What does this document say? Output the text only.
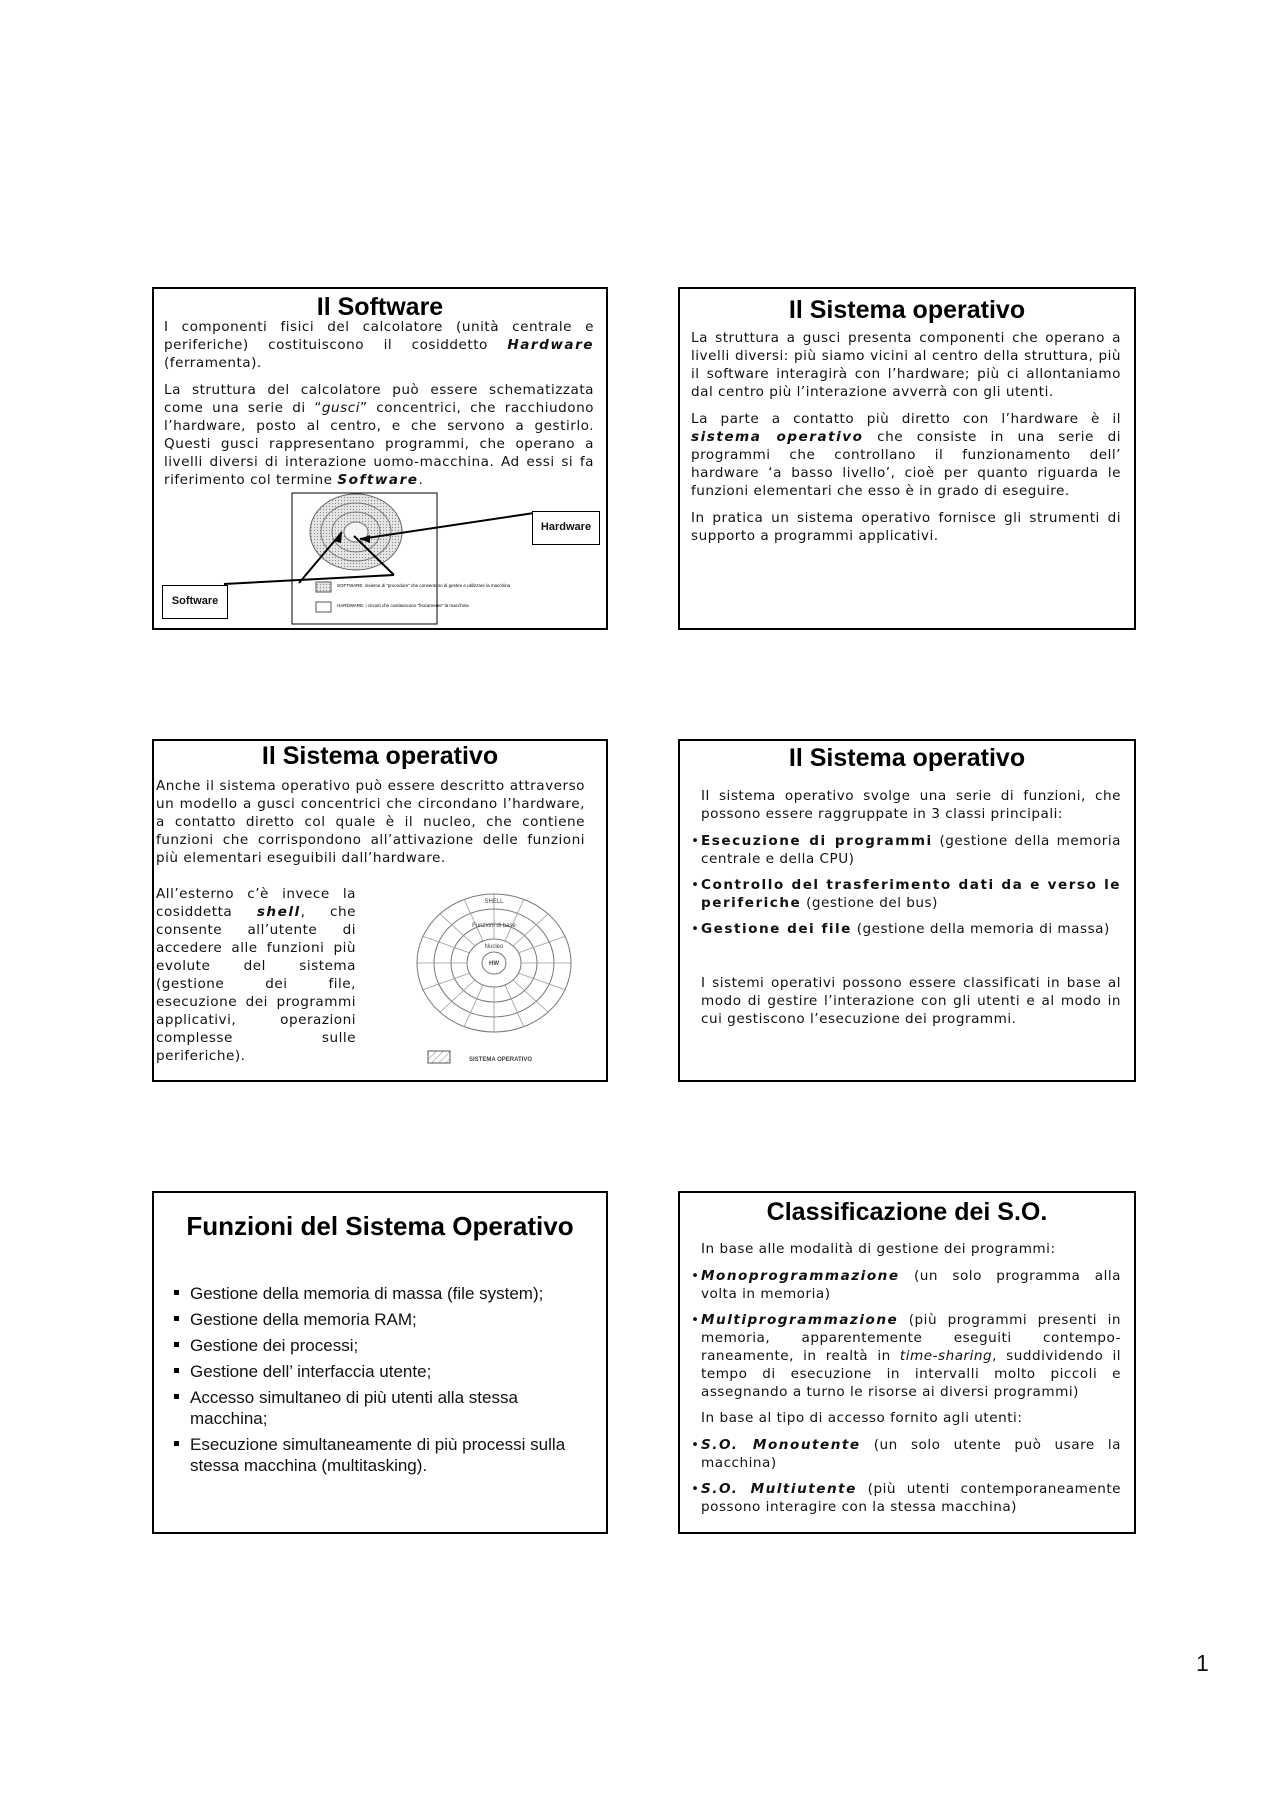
Il Software

I componenti fisici del calcolatore (unità centrale e periferiche) costituiscono il cosiddetto Hardware (ferramenta).

La struttura del calcolatore può essere schematizzata come una serie di “gusci” concentrici, che racchiudono l’hardware, posto al centro, e che servono a gestirlo. Questi gusci rappresentano programmi, che operano a livelli diversi di interazione uomo-macchina. Ad essi si fa riferimento col termine Software.

SOFTWARE: insieme di “procedure” che consentono di gestire e utilizzare la macchina
HARDWARE: i circuiti che costituiscono “fisicamente” la macchina
Hardware
Software
Il Sistema operativo

La struttura a gusci presenta componenti che operano a livelli diversi: più siamo vicini al centro della struttura, più il software interagirà con l’hardware; più ci allontaniamo dal centro più l’interazione avverrà con gli utenti.

La parte a contatto più diretto con l’hardware è il sistema operativo che consiste in una serie di programmi che controllano il funzionamento dell’ hardware ‘a basso livello’, cioè per quanto riguarda le funzioni elementari che esso è in grado di eseguire.

In pratica un sistema operativo fornisce gli strumenti di supporto a programmi applicativi.

Il Sistema operativo

Anche il sistema operativo può essere descritto attraverso un modello a gusci concentrici che circondano l’hardware, a contatto diretto col quale è il nucleo, che contiene funzioni che corrispondono all’attivazione delle funzioni più elementari eseguibili dall’hardware.

All’esterno c’è invece la cosiddetta shell, che consente all’utente di accedere alle funzioni più evolute del sistema (gestione dei file, esecuzione dei programmi applicativi, operazioni complesse sulle periferiche).

SHELL
Funzioni di base
Nucleo
HW
SISTEMA OPERATIVO
Il Sistema operativo

Il sistema operativo svolge una serie di funzioni, che possono essere raggruppate in 3 classi principali:

• Esecuzione di programmi (gestione della memoria centrale e della CPU)
• Controllo del trasferimento dati da e verso le periferiche (gestione del bus)
• Gestione dei file (gestione della memoria di massa)

I sistemi operativi possono essere classificati in base al modo di gestire l’interazione con gli utenti e al modo in cui gestiscono l’esecuzione dei programmi.

Funzioni del Sistema Operativo
Gestione della memoria di massa (file system);
Gestione della memoria RAM;
Gestione dei processi;
Gestione dell’ interfaccia utente;
Accesso simultaneo di più utenti alla stessa macchina;
Esecuzione simultaneamente di più processi sulla stessa macchina (multitasking).
Classificazione dei S.O.

In base alle modalità di gestione dei programmi:

• Monoprogrammazione (un solo programma alla volta in memoria)
• Multiprogrammazione (più programmi presenti in memoria, apparentemente eseguiti contempo-raneamente, in realtà in time-sharing, suddividendo il tempo di esecuzione in intervalli molto piccoli e assegnando a turno le risorse ai diversi programmi)

In base al tipo di accesso fornito agli utenti:

• S.O. Monoutente (un solo utente può usare la macchina)
• S.O. Multiutente (più utenti contemporaneamente possono interagire con la stessa macchina)
1
